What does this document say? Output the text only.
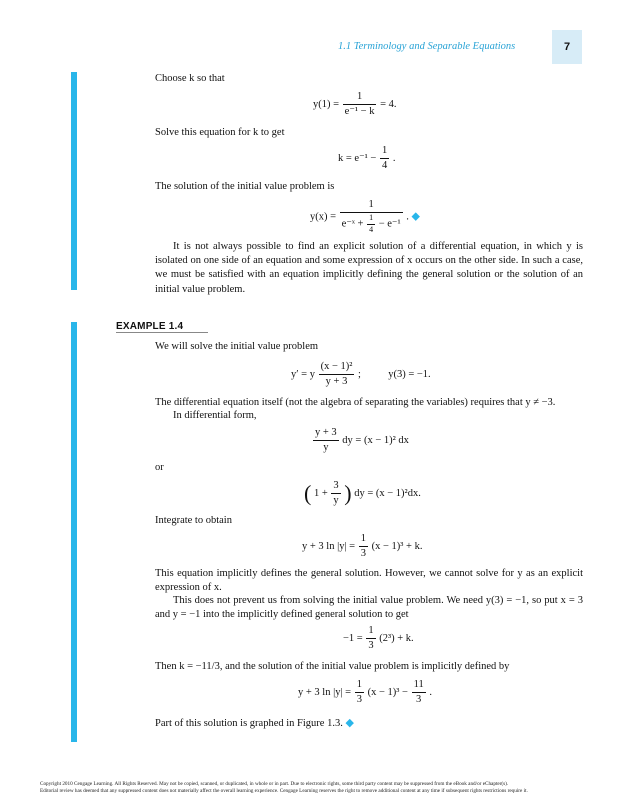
1.1 Terminology and Separable Equations	7

Choose k so that

$y(1) = \frac{1}{\text{e⁻¹ − k}} = 4$.

Solve this equation for k to get

$k = e^{-1} - \frac{1}{4}$ .

The solution of the initial value problem is

$y(x) = \frac{1}{e^-ˣ + \frac{1}{4} - e^{-1}}$ . ◆

It is not always possible to find an explicit solution of a differential equation, in which y is isolated on one side of an equation and some expression of x occurs on the other side. In such a case, we must be satisfied with an equation implicitly defining the general solution or the solution of an initial value problem.

EXAMPLE 1.4

We will solve the initial value problem

y′ = y $\frac{\text{(x − 1)²}}{y + 3}$ ;	y(3) = −1.

The differential equation itself (not the algebra of separating the variables) requires that y ≠ −3.

In differential form,

$\frac{y + 3}{y}$ dy = (x − 1)² dx

or

( $1 + \frac{3}{y}$ ) dy = (x − 1)²dx.

Integrate to obtain

y + 3 $\ln |y| = \frac{1}{3} (x - 1)^3 + k$.

This equation implicitly defines the general solution. However, we cannot solve for y as an explicit expression of x.

This does not prevent us from solving the initial value problem. We need y(3) = −1, so put x = 3 and y = −1 into the implicitly defined general solution to get

$-1 = \frac{1}{3} (2^3) + k$.

Then k = −11/3, and the solution of the initial value problem is implicitly defined by

y + 3 $\ln |y| = \frac{1}{3} (x - 1)^3 - \frac{11}{3}$ .

Part of this solution is graphed in Figure 1.3. ◆

Copyright 2010 Cengage Learning. All Rights Reserved. May not be copied, scanned, or duplicated, in whole or in part. Due to electronic rights, some third party content may be suppressed from the eBook and/or eChapter(s).
Editorial review has deemed that any suppressed content does not materially affect the overall learning experience. Cengage Learning reserves the right to remove additional content at any time if subsequent rights restrictions require it.
